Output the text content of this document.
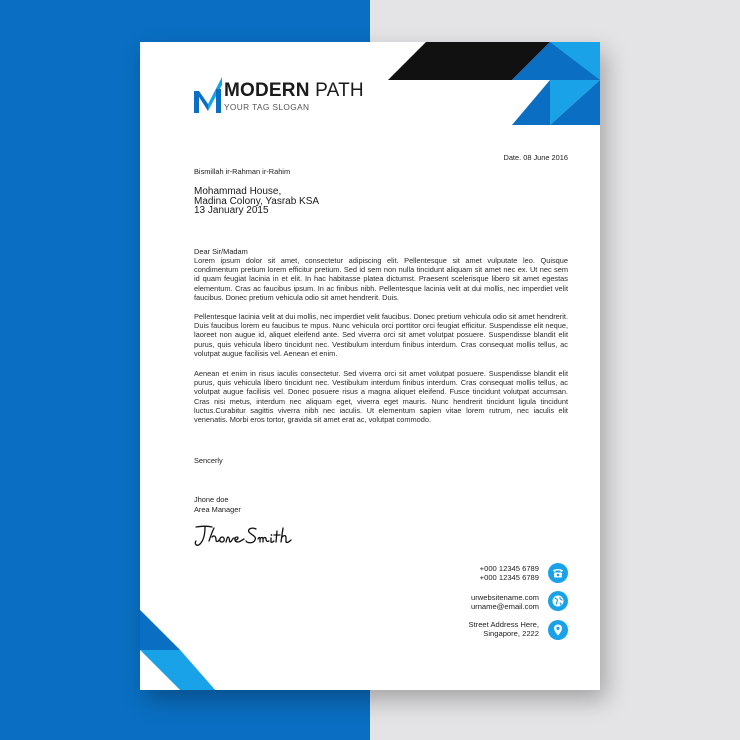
MODERN PATH
YOUR TAG SLOGAN
Date. 08 June 2016
Bismillah ir-Rahman ir-Rahim
Mohammad House,
Madina Colony, Yasrab KSA
13 January 2015
Dear Sir/Madam
Lorem ipsum dolor sit amet, consectetur adipiscing elit. Pellentesque sit amet vulputate leo. Quisque condimentum pretium lorem efficitur pretium. Sed id sem non nulla tincidunt aliquam sit amet nec ex. Ut nec sem id quam feugiat lacinia in et elit. In hac habitasse platea dictumst. Praesent scelerisque libero sit amet egestas elementum. Cras ac faucibus ipsum. In ac finibus nibh. Pellentesque lacinia velit at dui mollis, nec imperdiet velit faucibus. Donec pretium vehicula odio sit amet hendrerit. Duis.
Pellentesque lacinia velit at dui mollis, nec imperdiet velit faucibus. Donec pretium vehicula odio sit amet hendrerit. Duis faucibus lorem eu faucibus te mpus. Nunc vehicula orci porttitor orci feugiat efficitur. Suspendisse elit neque, laoreet non augue id, aliquet eleifend ante. Sed viverra orci sit amet volutpat posuere. Suspendisse blandit elit purus, quis vehicula libero tincidunt nec. Vestibulum interdum finibus interdum. Cras consequat mollis tellus, ac volutpat augue facilisis vel. Aenean et enim.
Aenean et enim in risus iaculis consectetur. Sed viverra orci sit amet volutpat posuere. Suspendisse blandit elit purus, quis vehicula libero tincidunt nec. Vestibulum interdum finibus interdum. Cras consequat mollis tellus, ac volutpat augue facilisis vel. Donec posuere risus a magna aliquet eleifend. Fusce tincidunt volutpat accumsan. Cras nisi metus, interdum nec aliquam eget, viverra eget mauris. Nunc hendrerit tincidunt ligula tincidunt luctus.Curabitur sagittis viverra nibh nec iaculis. Ut elementum sapien vitae lorem rutrum, nec iaculis elit venenatis. Morbi eros tortor, gravida sit amet erat ac, volutpat commodo.
Sencerly
Jhone doe
Area Manager
+000 12345 6789
+000 12345 6789
urwebsitename.com
urname@email.com
Street Address Here,
Singapore, 2222
